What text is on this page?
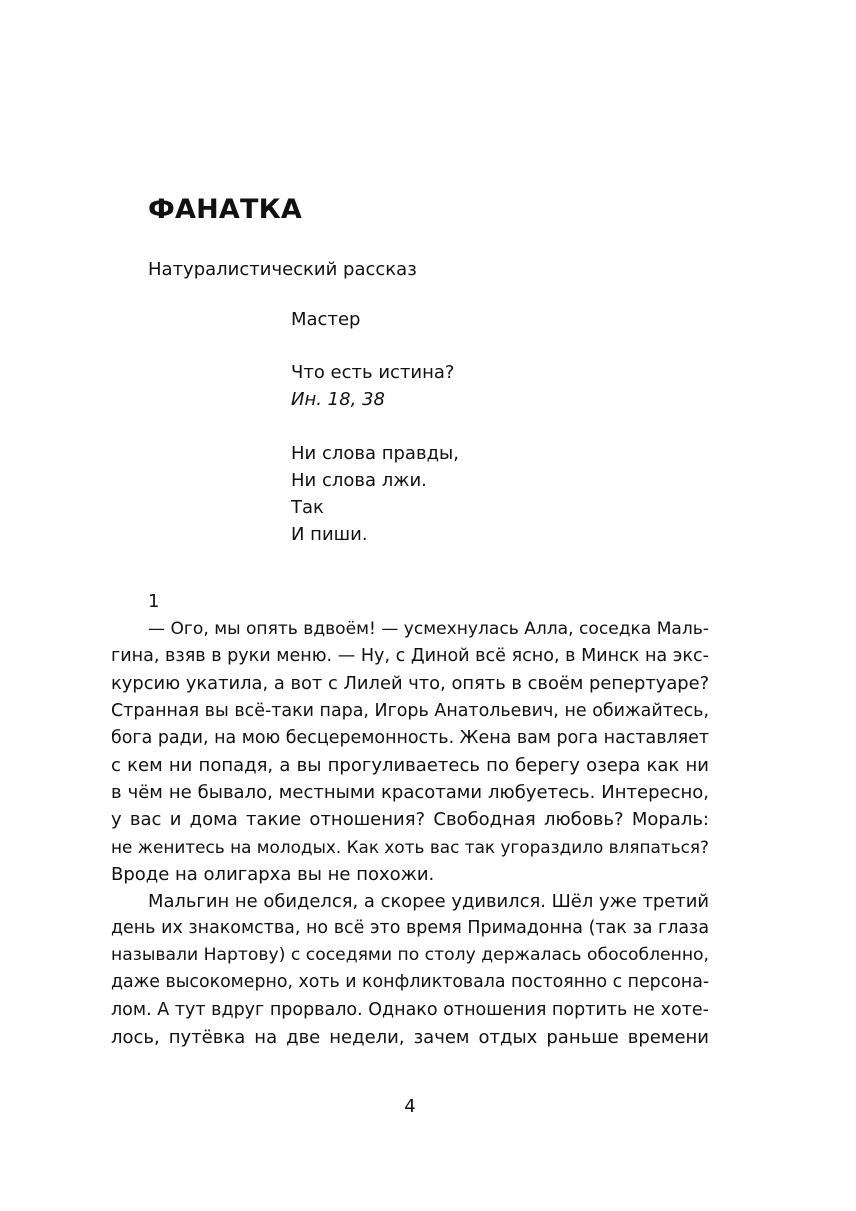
ФАНАТКА

Натуралистический рассказ

Мастер
Что есть истина?
Ин. 18, 38
Ни слова правды,
Ни слова лжи.
Так
И пиши.

1

— Ого, мы опять вдвоём! — усмехнулась Алла, соседка Маль-
гина, взяв в руки меню. — Ну, с Диной всё ясно, в Минск на экс-
курсию укатила, а вот с Лилей что, опять в своём репертуаре?
Странная вы всё-таки пара, Игорь Анатольевич, не обижайтесь,
бога ради, на мою бесцеремонность. Жена вам рога наставляет
с кем ни попадя, а вы прогуливаетесь по берегу озера как ни
в чём не бывало, местными красотами любуетесь. Интересно,
у вас и дома такие отношения? Свободная любовь? Мораль:
не женитесь на молодых. Как хоть вас так угораздило вляпаться?
Вроде на олигарха вы не похожи.
Мальгин не обиделся, а скорее удивился. Шёл уже третий
день их знакомства, но всё это время Примадонна (так за глаза
называли Нартову) с соседями по столу держалась обособленно,
даже высокомерно, хоть и конфликтовала постоянно с персона-
лом. А тут вдруг прорвало. Однако отношения портить не хоте-
лось, путёвка на две недели, зачем отдых раньше времени

4
